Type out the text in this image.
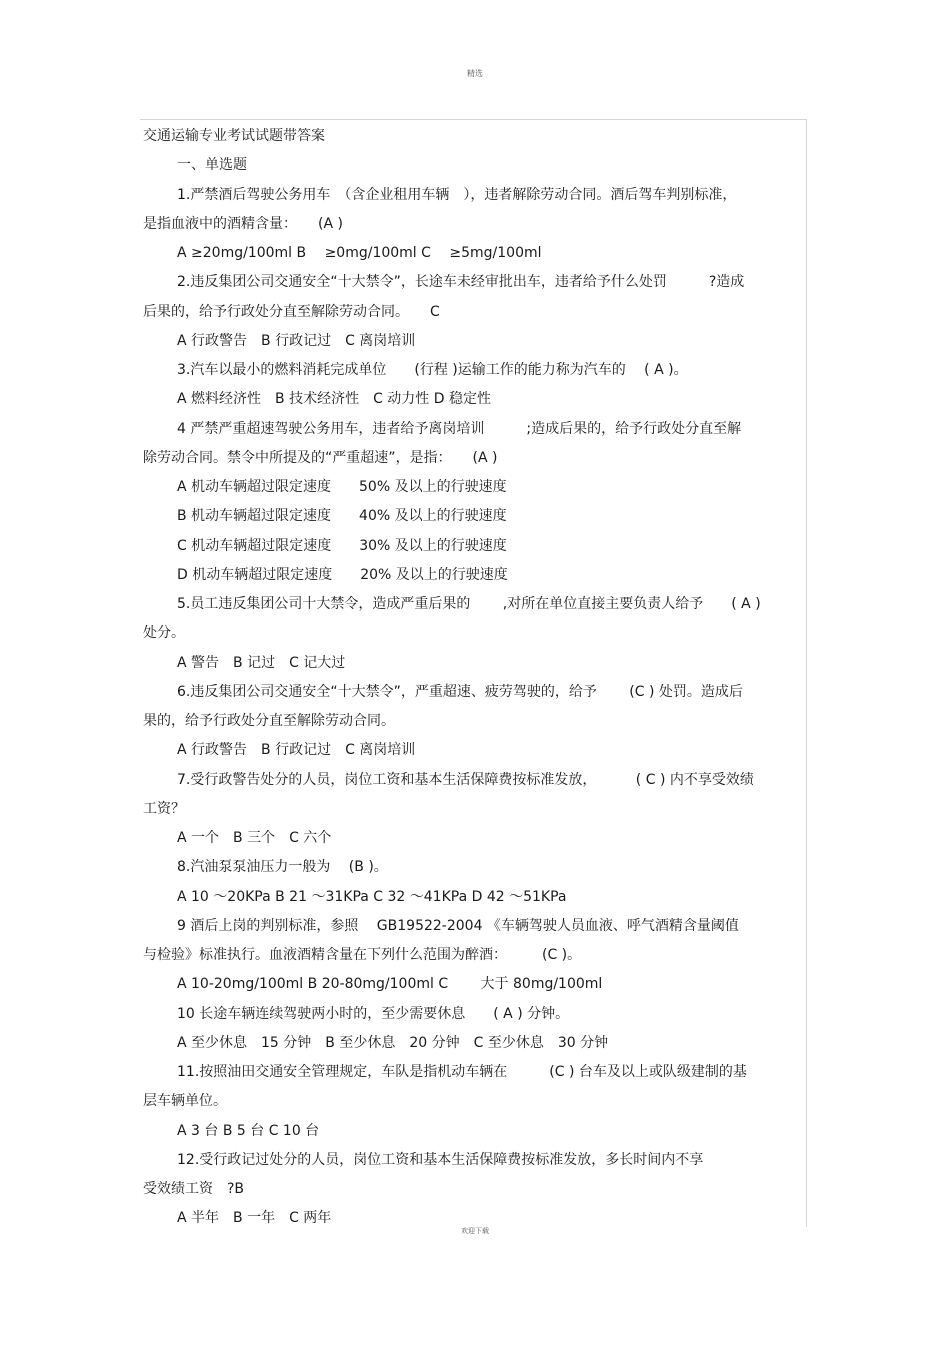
精选
交通运输专业考试试题带答案
一、单选题
1.严禁酒后驾驶公务用车　（含企业租用车辆　），违者解除劳动合同。酒后驾车判别标准，
是指血液中的酒精含量：　　(A )
A ≥20mg/100ml B　 ≥0mg/100ml C　 ≥5mg/100ml
2.违反集团公司交通安全“十大禁令”，长途车未经审批出车，违者给予什么处罚　　　?造成
后果的，给予行政处分直至解除劳动合同。　　C
A 行政警告　B 行政记过　C 离岗培训
3.汽车以最小的燃料消耗完成单位　　(行程 )运输工作的能力称为汽车的　 ( A )。
A 燃料经济性　B 技术经济性　C 动力性 D 稳定性
4 严禁严重超速驾驶公务用车，违者给予离岗培训　　　;造成后果的，给予行政处分直至解
除劳动合同。禁令中所提及的“严重超速”，是指：　　(A )
A 机动车辆超过限定速度　　50% 及以上的行驶速度
B 机动车辆超过限定速度　　40% 及以上的行驶速度
C 机动车辆超过限定速度　　30% 及以上的行驶速度
D 机动车辆超过限定速度　　20% 及以上的行驶速度
5.员工违反集团公司十大禁令，造成严重后果的　　 ,对所在单位直接主要负责人给予　　( A )
处分。
A 警告　B 记过　C 记大过
6.违反集团公司交通安全“十大禁令”，严重超速、疲劳驾驶的，给予　　 (C ) 处罚。造成后
果的，给予行政处分直至解除劳动合同。
A 行政警告　B 行政记过　C 离岗培训
7.受行政警告处分的人员，岗位工资和基本生活保障费按标准发放，　　　 ( C ) 内不享受效绩
工资？
A 一个　B 三个　C 六个
8.汽油泵泵油压力一般为　 (B )。
A 10 ～20KPa B 21 ～31KPa C 32 ～41KPa D 42 ～51KPa
9 酒后上岗的判别标准，参照　 GB19522-2004 《车辆驾驶人员血液、呼气酒精含量阈值
与检验》标准执行。血液酒精含量在下列什么范围为醉酒：　　　(C )。
A 10-20mg/100ml B 20-80mg/100ml C　　 大于 80mg/100ml
10 长途车辆连续驾驶两小时的，至少需要休息　　( A ) 分钟。
A 至少休息　15 分钟　B 至少休息　20 分钟　C 至少休息　30 分钟
11.按照油田交通安全管理规定，车队是指机动车辆在　　　(C ) 台车及以上或队级建制的基
层车辆单位。
A 3 台 B 5 台 C 10 台
12.受行政记过处分的人员，岗位工资和基本生活保障费按标准发放，多长时间内不享
受效绩工资　?B
A 半年　B 一年　C 两年
欢迎下载
